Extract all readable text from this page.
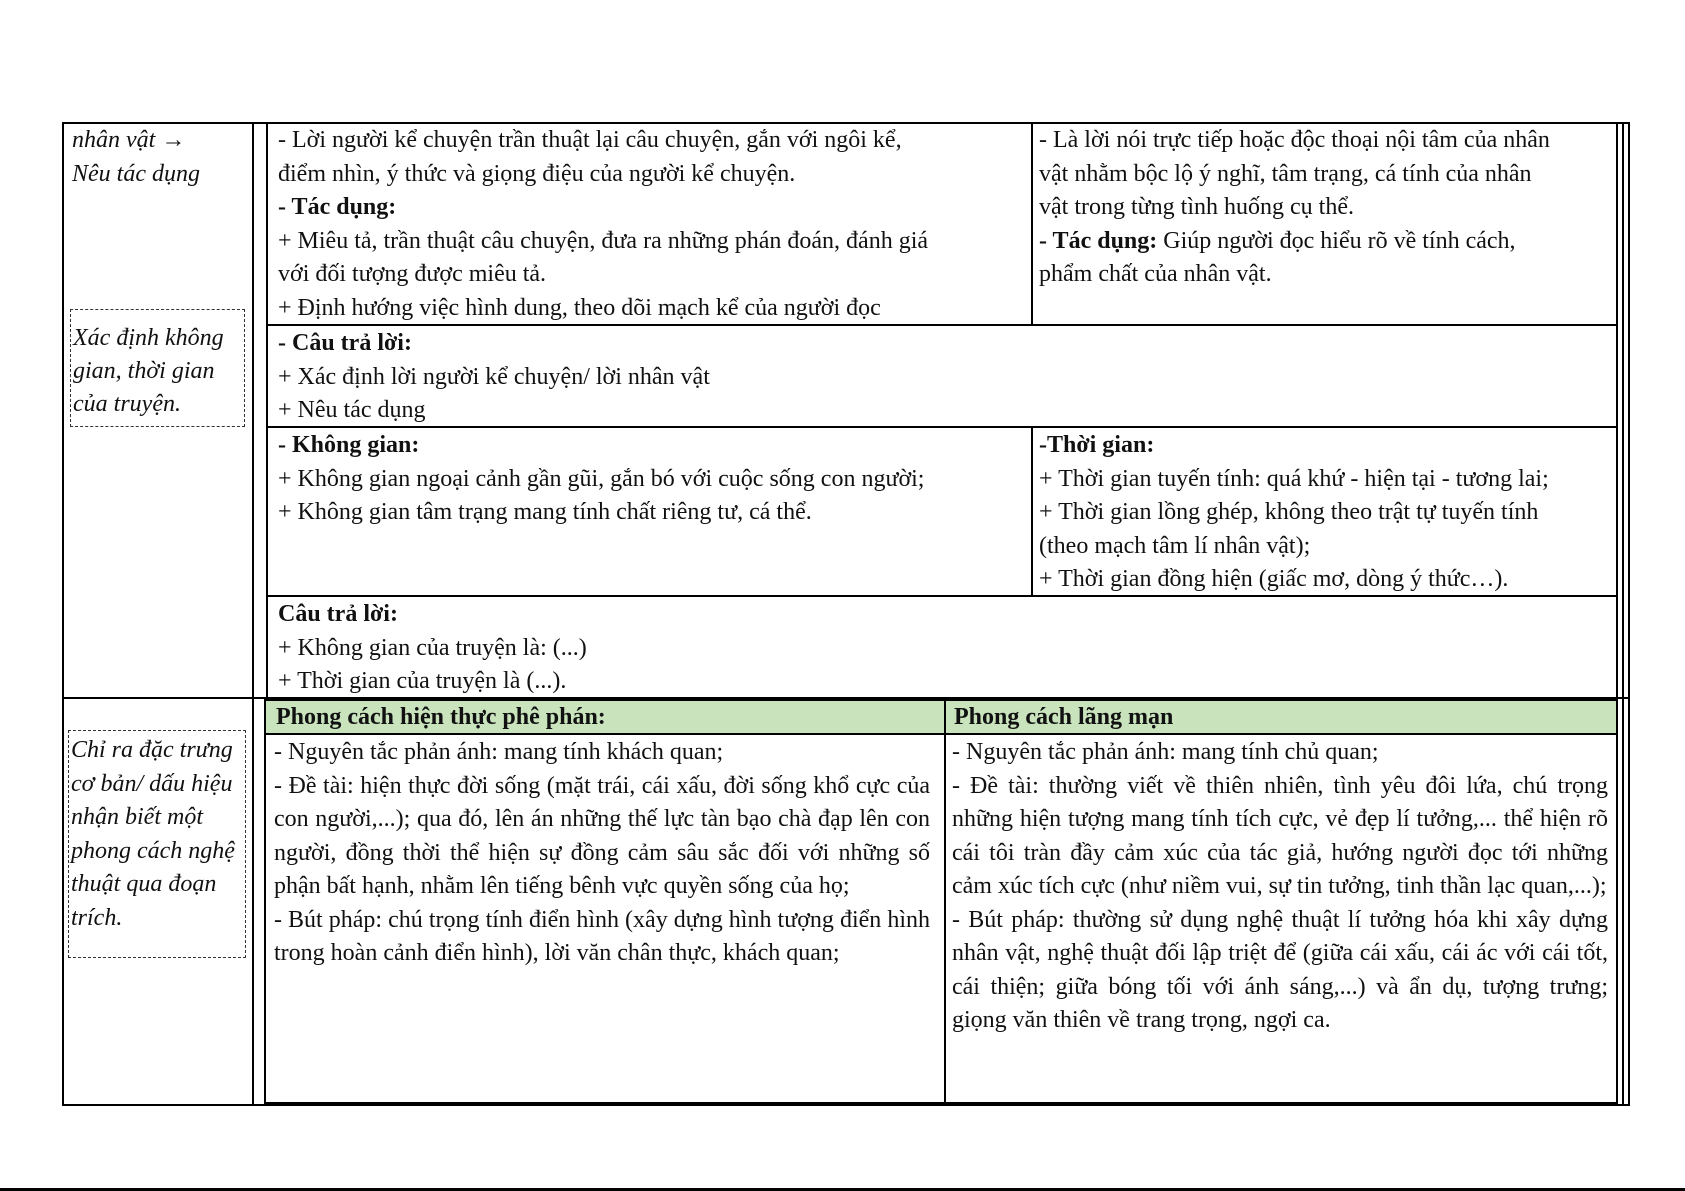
nhân vật →
Nêu tác dụng
Xác định không
gian, thời gian
của truyện.
Chỉ ra đặc trưng
cơ bản/ dấu hiệu
nhận biết một
phong cách nghệ
thuật qua đoạn
trích.
- Lời người kể chuyện trần thuật lại câu chuyện, gắn với ngôi kể,
điểm nhìn, ý thức và giọng điệu của người kể chuyện.
- Tác dụng:
+ Miêu tả, trần thuật câu chuyện, đưa ra những phán đoán, đánh giá
với đối tượng được miêu tả.
+ Định hướng việc hình dung, theo dõi mạch kể của người đọc
- Là lời nói trực tiếp hoặc độc thoại nội tâm của nhân
vật nhằm bộc lộ ý nghĩ, tâm trạng, cá tính của nhân
vật trong từng tình huống cụ thể.
- Tác dụng: Giúp người đọc hiểu rõ về tính cách,
phẩm chất của nhân vật.
- Câu trả lời:
+ Xác định lời người kể chuyện/ lời nhân vật
+ Nêu tác dụng
- Không gian:
+ Không gian ngoại cảnh gần gũi, gắn bó với cuộc sống con người;
+ Không gian tâm trạng mang tính chất riêng tư, cá thể.
-Thời gian:
+ Thời gian tuyến tính: quá khứ - hiện tại - tương lai;
+ Thời gian lồng ghép, không theo trật tự tuyến tính
(theo mạch tâm lí nhân vật);
+ Thời gian đồng hiện (giấc mơ, dòng ý thức…).
Câu trả lời:
+ Không gian của truyện là: (...)
+ Thời gian của truyện là (...).
Phong cách hiện thực phê phán:	Phong cách lãng mạn
- Nguyên tắc phản ánh: mang tính khách quan;
- Đề tài: hiện thực đời sống (mặt trái, cái xấu, đời sống khổ cực của con người,...); qua đó, lên án những thế lực tàn bạo chà đạp lên con người, đồng thời thể hiện sự đồng cảm sâu sắc đối với những số phận bất hạnh, nhằm lên tiếng bênh vực quyền sống của họ;
- Bút pháp: chú trọng tính điển hình (xây dựng hình tượng điển hình trong hoàn cảnh điển hình), lời văn chân thực, khách quan;
- Nguyên tắc phản ánh: mang tính chủ quan;
- Đề tài: thường viết về thiên nhiên, tình yêu đôi lứa, chú trọng những hiện tượng mang tính tích cực, vẻ đẹp lí tưởng,... thể hiện rõ cái tôi tràn đầy cảm xúc của tác giả, hướng người đọc tới những cảm xúc tích cực (như niềm vui, sự tin tưởng, tinh thần lạc quan,...);
- Bút pháp: thường sử dụng nghệ thuật lí tưởng hóa khi xây dựng nhân vật, nghệ thuật đối lập triệt để (giữa cái xấu, cái ác với cái tốt, cái thiện; giữa bóng tối với ánh sáng,...) và ẩn dụ, tượng trưng; giọng văn thiên về trang trọng, ngợi ca.
